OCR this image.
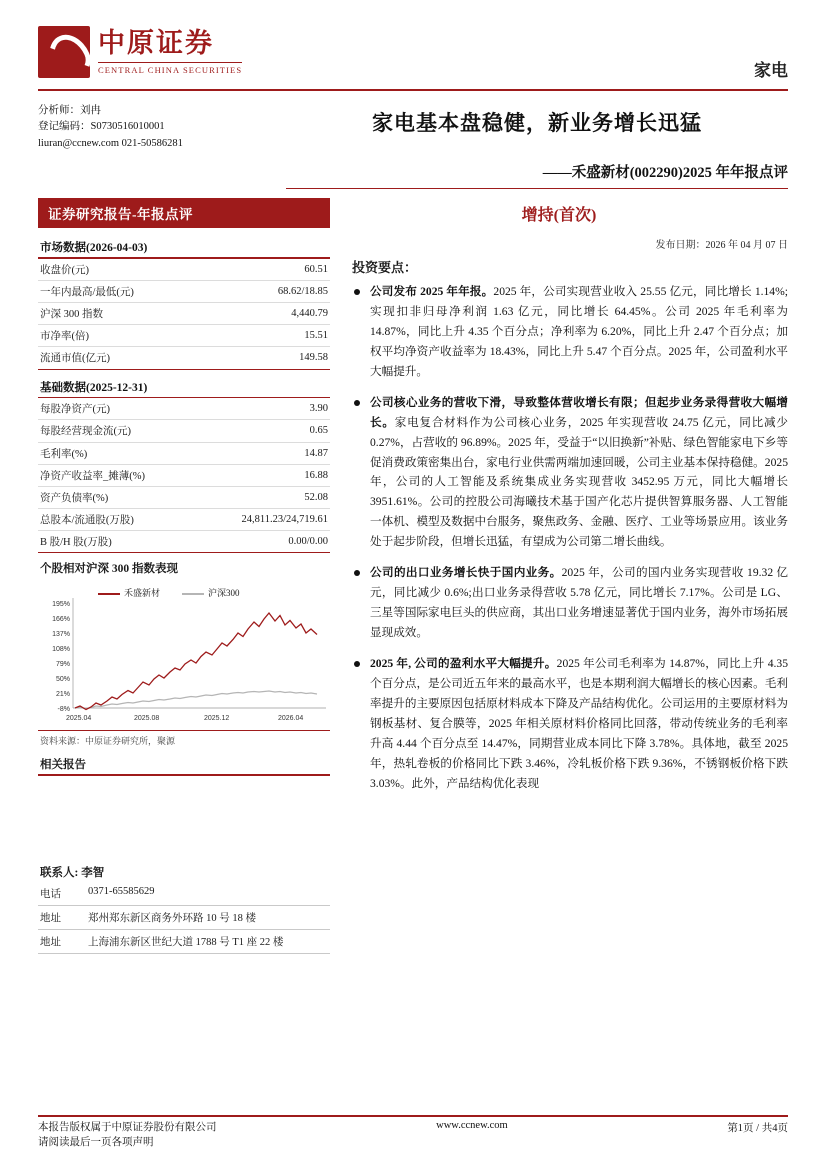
中原证券
CENTRAL CHINA SECURITIES	家电
分析师：刘冉
登记编码：S0730516010001
liuran@ccnew.com 021-50586281
家电基本盘稳健，新业务增长迅猛
——禾盛新材(002290)2025 年年报点评
证券研究报告-年报点评	增持(首次)
市场数据(2026-04-03)
收盘价(元)	60.51
一年内最高/最低(元)	68.62/18.85
沪深 300 指数	4,440.79
市净率(倍)	15.51
流通市值(亿元)	149.58
基础数据(2025-12-31)
每股净资产(元)	3.90
每股经营现金流(元)	0.65
毛利率(%)	14.87
净资产收益率_摊薄(%)	16.88
资产负债率(%)	52.08
总股本/流通股(万股)	24,811.23/24,719.61
B 股/H 股(万股)	0.00/0.00
个股相对沪深 300 指数表现
禾盛新材	沪深300
195%
166%
137%
108%
79%
50%
21%
-8%
2025.04	2025.08	2025.12	2026.04
资料来源：中原证券研究所，聚源
相关报告
联系人: 李智
电话	0371-65585629
地址	郑州郑东新区商务外环路 10 号 18 楼
地址	上海浦东新区世纪大道 1788 号 T1 座 22 楼
发布日期：2026 年 04 月 07 日
投资要点：
公司发布 2025 年年报。2025 年，公司实现营业收入 25.55 亿元，同比增长 1.14%;实现扣非归母净利润 1.63 亿元，同比增长 64.45%。公司 2025 年毛利率为 14.87%，同比上升 4.35 个百分点；净利率为 6.20%，同比上升 2.47 个百分点；加权平均净资产收益率为 18.43%，同比上升 5.47 个百分点。2025 年，公司盈利水平大幅提升。
公司核心业务的营收下滑，导致整体营收增长有限；但起步业务录得营收大幅增长。家电复合材料作为公司核心业务，2025 年实现营收 24.75 亿元，同比减少 0.27%，占营收的 96.89%。2025 年，受益于“以旧换新”补贴、绿色智能家电下乡等促消费政策密集出台，家电行业供需两端加速回暖，公司主业基本保持稳健。2025 年，公司的人工智能及系统集成业务实现营收 3452.95 万元，同比大幅增长 3951.61%。公司的控股公司海曦技术基于国产化芯片提供智算服务器、人工智能一体机、模型及数据中台服务，聚焦政务、金融、医疗、工业等场景应用。该业务处于起步阶段，但增长迅猛，有望成为公司第二增长曲线。
公司的出口业务增长快于国内业务。2025 年，公司的国内业务实现营收 19.32 亿元，同比减少 0.6%;出口业务录得营收 5.78 亿元，同比增长 7.17%。公司是 LG、三星等国际家电巨头的供应商，其出口业务增速显著优于国内业务，海外市场拓展显现成效。
2025 年, 公司的盈利水平大幅提升。2025 年公司毛利率为 14.87%，同比上升 4.35 个百分点，是公司近五年来的最高水平，也是本期利润大幅增长的核心因素。毛利率提升的主要原因包括原材料成本下降及产品结构优化。公司运用的主要原材料为钢板基材、复合膜等，2025 年相关原材料价格同比回落，带动传统业务的毛利率升高 4.44 个百分点至 14.47%，同期营业成本同比下降 3.78%。具体地，截至 2025 年，热轧卷板的价格同比下跌 3.46%，冷轧板价格下跌 9.36%，不锈钢板价格下跌 3.03%。此外，产品结构优化表现
本报告版权属于中原证券股份有限公司
请阅读最后一页各项声明
www.ccnew.com	第1页 / 共4页
